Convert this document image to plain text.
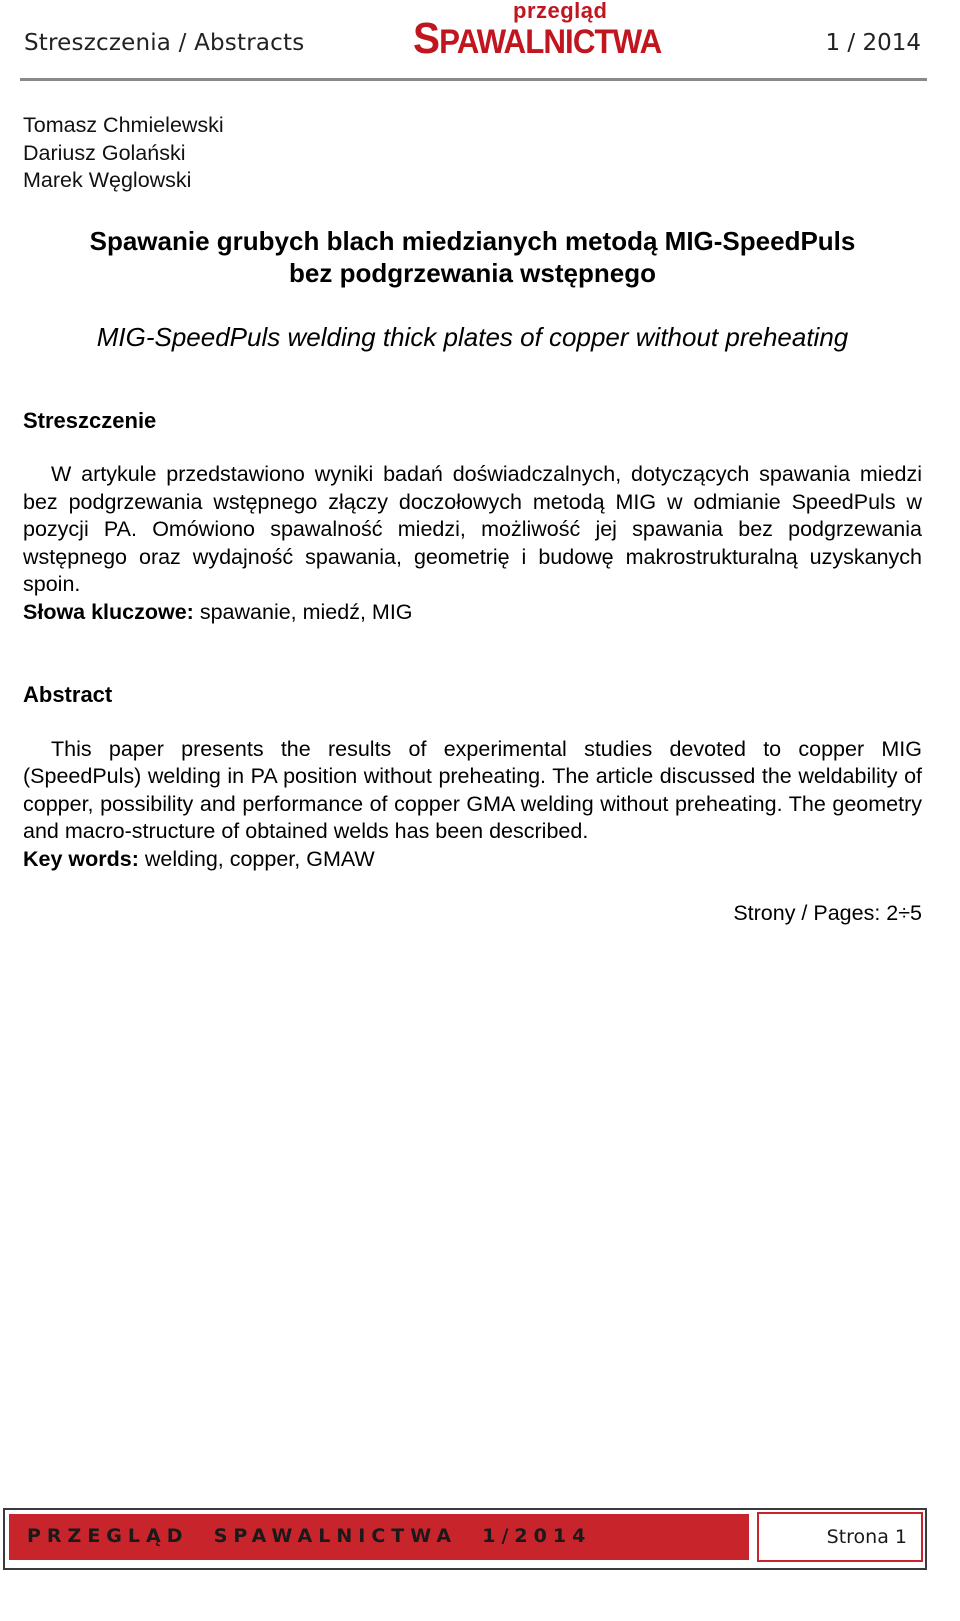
Streszczenia / Abstracts
przegląd
SPAWALNICTWA	1 / 2014
Tomasz Chmielewski
Dariusz Golański
Marek Węglowski
Spawanie grubych blach miedzianych metodą MIG-SpeedPuls
bez podgrzewania wstępnego
MIG-SpeedPuls welding thick plates of copper without preheating
Streszczenie
W artykule przedstawiono wyniki badań doświadczalnych, dotyczących spawania miedzi bez podgrzewania wstępnego złączy doczołowych metodą MIG w odmianie SpeedPuls w pozycji PA. Omówiono spawalność miedzi, możliwość jej spawania bez podgrzewania wstępnego oraz wydajność spawania, geometrię i budowę makrostrukturalną uzyskanych spoin.
Słowa kluczowe: spawanie, miedź, MIG
Abstract
This paper presents the results of experimental studies devoted to copper MIG (SpeedPuls) welding in PA position without preheating. The article discussed the weldability of copper, possibility and performance of copper GMA welding without preheating. The geometry and macro-structure of obtained welds has been described.
Key words: welding, copper, GMAW
Strony / Pages: 2÷5
PRZEGLĄD  SPAWALNICTWA  1/2014	Strona 1
